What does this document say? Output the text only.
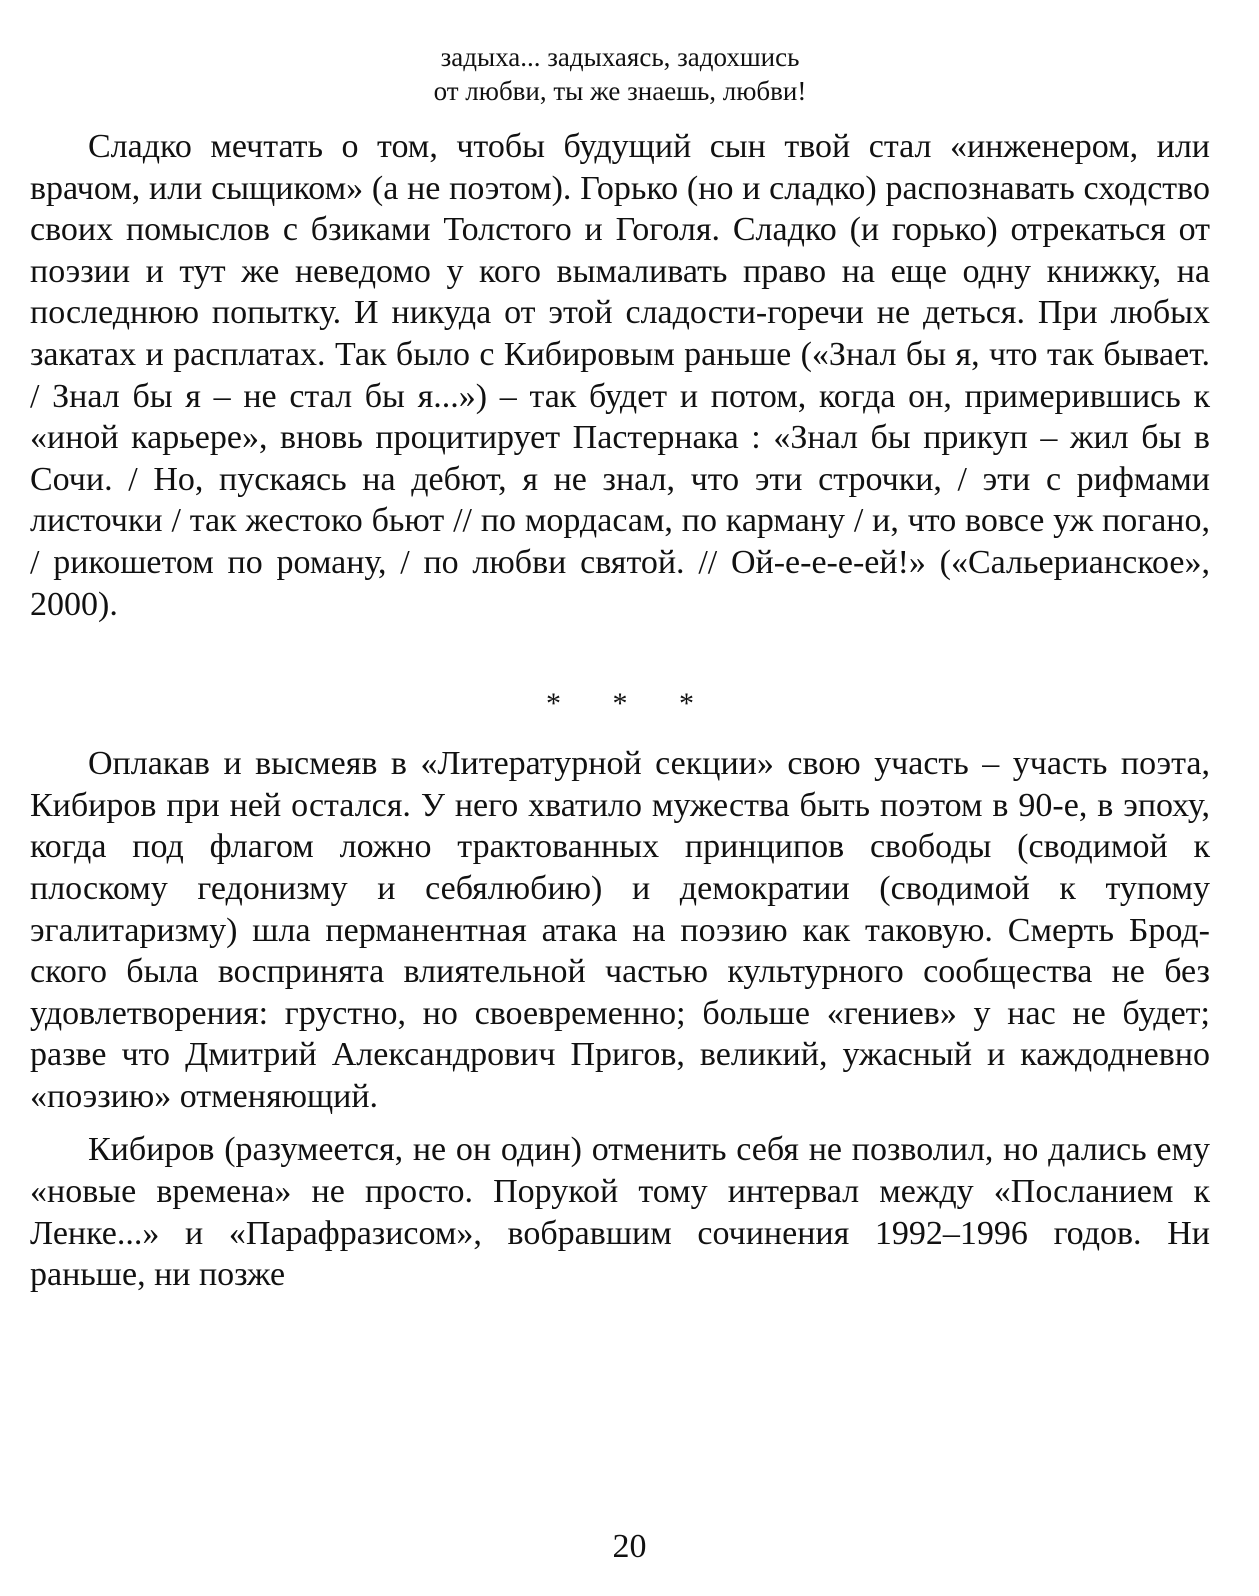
задыха... задыхаясь, задохшись
от любви, ты же знаешь, любви!

Сладко мечтать о том, чтобы будущий сын твой стал «инженером, или врачом, или сыщиком» (а не поэтом). Горько (но и сладко) распознавать сходство своих помыслов с бзиками Толстого и Гоголя. Сладко (и горько) отрекаться от поэзии и тут же неведомо у кого вымаливать право на еще одну книжку, на последнюю попытку. И никуда от этой сладости-горечи не деться. При любых закатах и расплатах. Так было с Кибировым раньше («Знал бы я, что так бывает. / Знал бы я – не стал бы я...») – так будет и потом, когда он, примерившись к «иной карьере», вновь процитирует Пастернака : «Знал бы прикуп – жил бы в Сочи. / Но, пускаясь на дебют, я не знал, что эти строчки, / эти с рифмами листочки / так жестоко бьют // по мордасам, по карману / и, что вовсе уж погано, / рикошетом по роману, / по любви святой. // Ой-е-е-е-ей!» («Сальерианское», 2000).

* * *

Оплакав и высмеяв в «Литературной секции» свою участь – участь поэта, Кибиров при ней остался. У него хватило мужества быть поэтом в 90-е, в эпоху, когда под флагом ложно трактованных принципов свободы (сводимой к плоскому гедонизму и себялюбию) и демократии (сводимой к тупому эгалитаризму) шла перманентная атака на поэзию как таковую. Смерть Бродского была воспринята влиятельной частью культурного сообщества не без удовлетворения: грустно, но своевременно; больше «гениев» у нас не будет; разве что Дмитрий Александрович Пригов, великий, ужасный и каждодневно «поэзию» отменяющий.

Кибиров (разумеется, не он один) отменить себя не позволил, но дались ему «новые времена» не просто. Порукой тому интервал между «Посланием к Ленке...» и «Парафразисом», вобравшим сочинения 1992–1996 годов. Ни раньше, ни позже

20
